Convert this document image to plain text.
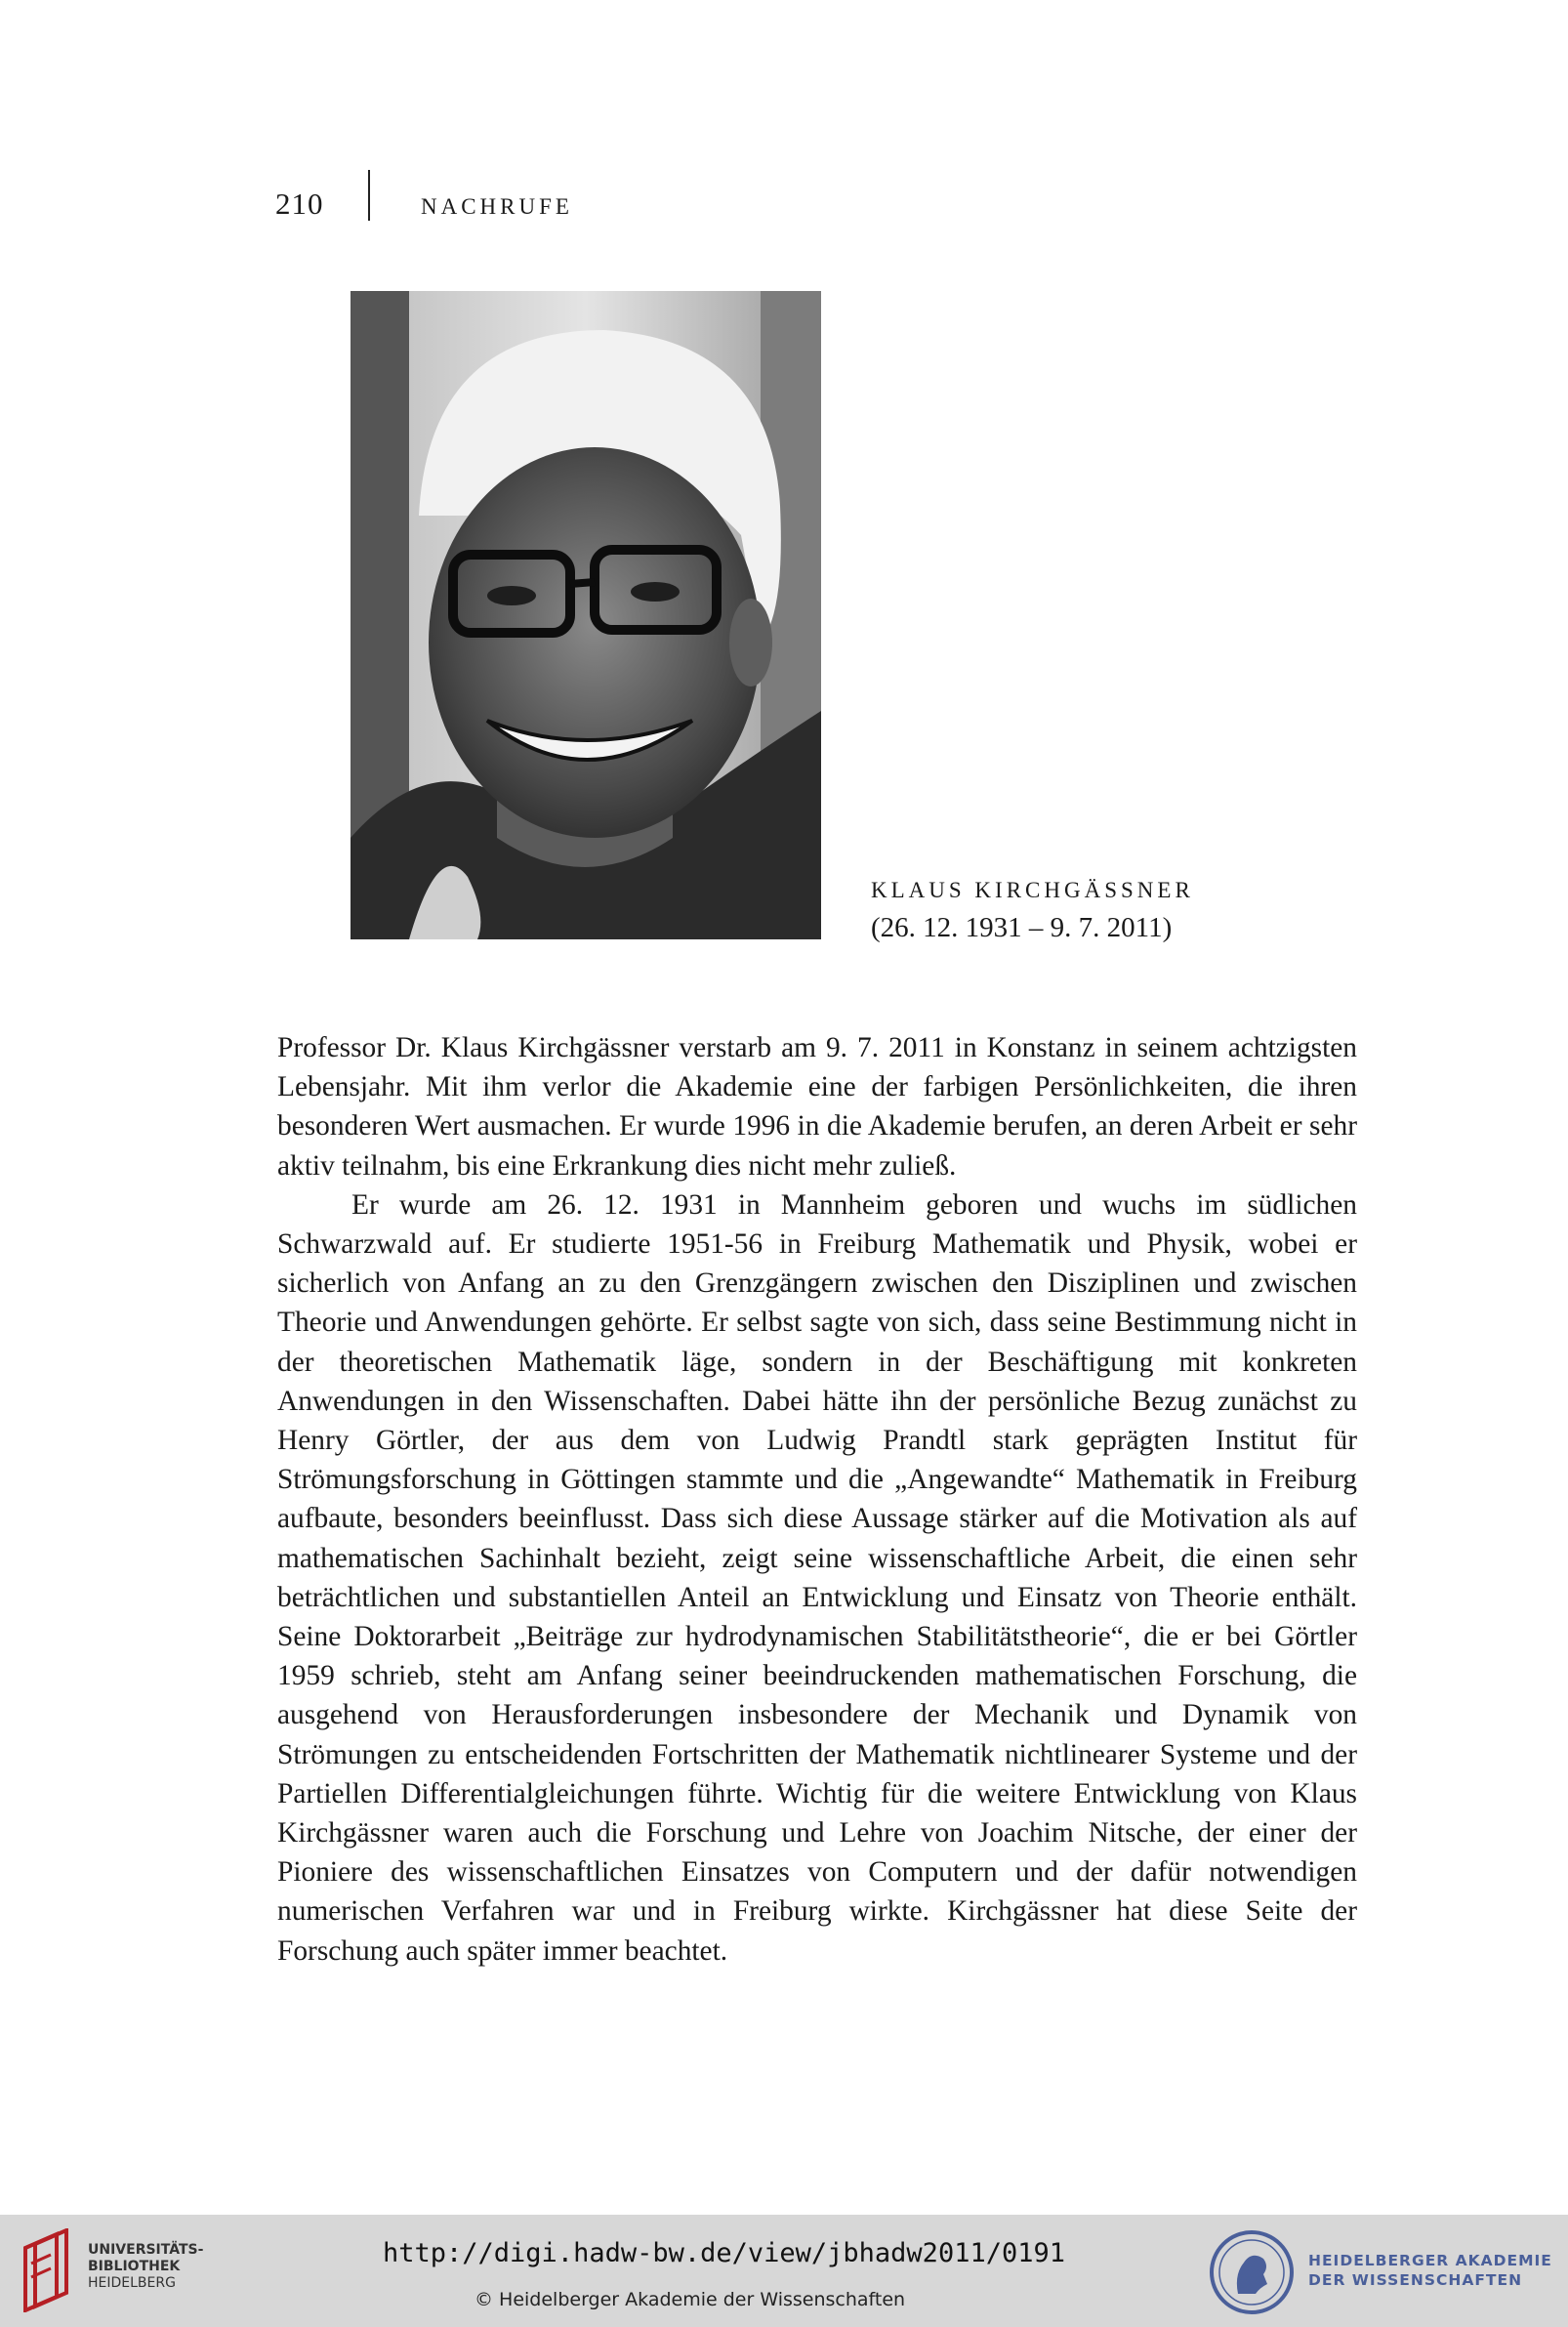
210	NACHRUFE
KLAUS KIRCHGÄSSNER
(26. 12. 1931 – 9. 7. 2011)

Professor Dr. Klaus Kirchgässner verstarb am 9. 7. 2011 in Konstanz in seinem achtzigsten Lebensjahr. Mit ihm verlor die Akademie eine der farbigen Persönlichkeiten, die ihren besonderen Wert ausmachen. Er wurde 1996 in die Akademie berufen, an deren Arbeit er sehr aktiv teilnahm, bis eine Erkrankung dies nicht mehr zuließ.

Er wurde am 26. 12. 1931 in Mannheim geboren und wuchs im südlichen Schwarzwald auf. Er studierte 1951-56 in Freiburg Mathematik und Physik, wobei er sicherlich von Anfang an zu den Grenzgängern zwischen den Disziplinen und zwischen Theorie und Anwendungen gehörte. Er selbst sagte von sich, dass seine Bestimmung nicht in der theoretischen Mathematik läge, sondern in der Beschäftigung mit konkreten Anwendungen in den Wissenschaften. Dabei hätte ihn der persönliche Bezug zunächst zu Henry Görtler, der aus dem von Ludwig Prandtl stark geprägten Institut für Strömungsforschung in Göttingen stammte und die „Angewandte“ Mathematik in Freiburg aufbaute, besonders beeinflusst. Dass sich diese Aussage stärker auf die Motivation als auf mathematischen Sachinhalt bezieht, zeigt seine wissenschaftliche Arbeit, die einen sehr beträchtlichen und substantiellen Anteil an Entwicklung und Einsatz von Theorie enthält. Seine Doktorarbeit „Beiträge zur hydrodynamischen Stabilitätstheorie“, die er bei Görtler 1959 schrieb, steht am Anfang seiner beeindruckenden mathematischen Forschung, die ausgehend von Herausforderungen insbesondere der Mechanik und Dynamik von Strömungen zu entscheidenden Fortschritten der Mathematik nichtlinearer Systeme und der Partiellen Differentialgleichungen führte. Wichtig für die weitere Entwicklung von Klaus Kirchgässner waren auch die Forschung und Lehre von Joachim Nitsche, der einer der Pioniere des wissenschaftlichen Einsatzes von Computern und der dafür notwendigen numerischen Verfahren war und in Freiburg wirkte. Kirchgässner hat diese Seite der Forschung auch später immer beachtet.

UNIVERSITÄTS-
BIBLIOTHEK
HEIDELBERG
http://digi.hadw-bw.de/view/jbhadw2011/0191
© Heidelberger Akademie der Wissenschaften
HEIDELBERGER AKADEMIE
DER WISSENSCHAFTEN
